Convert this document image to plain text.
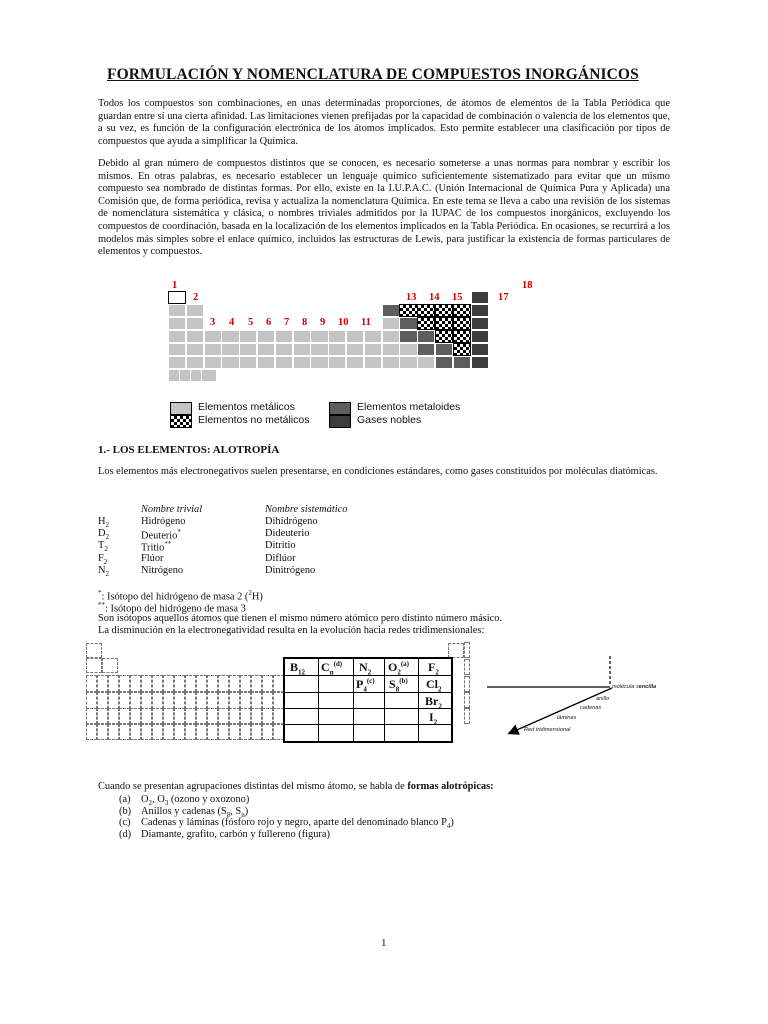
FORMULACIÓN Y NOMENCLATURA DE COMPUESTOS INORGÁNICOS
Todos los compuestos son combinaciones, en unas determinadas proporciones, de átomos de elementos de la Tabla Periódica que guardan entre sí una cierta afinidad. Las limitaciones vienen prefijadas por la capacidad de combinación o valencia de los elementos que, a su vez, es función de la configuración electrónica de los átomos implicados. Esto permite establecer una clasificación por tipos de compuestos que ayuda a simplificar la Química.
Debido al gran número de compuestos distintos que se conocen, es necesario someterse a unas normas para nombrar y escribir los mismos. En otras palabras, es necesario establecer un lenguaje químico suficientemente sistematizado para evitar que un mismo compuesto sea nombrado de distintas formas. Por ello, existe en la I.U.P.A.C. (Unión Internacional de Química Pura y Aplicada) una Comisión que, de forma periódica, revisa y actualiza la nomenclatura Química. En este tema se lleva a cabo una revisión de los sistemas de nomenclatura sistemática y clásica, o nombres triviales admitidos por la IUPAC de los compuestos inorgánicos, excluyendo los compuestos de coordinación, basada en la localización de los elementos implicados en la Tabla Periódica. En ocasiones, se recurrirá a los modelos más simples sobre el enlace químico, incluidos las estructuras de Lewis, para justificar la existencia de formas particulares de elementos y compuestos.
1
2
3 4 5 6 7 8 9 10 11
13 14 15	17
18
Elementos metálicos
Elementos no metálicos
Elementos metaloides
Gases nobles
1.- LOS ELEMENTOS: ALOTROPÍA
Los elementos más electronegativos suelen presentarse, en condiciones estándares, como gases constituidos por moléculas diatómicas.
Nombre trivial	Nombre sistemático
$H_2$	Hidrógeno	Dihidrógeno
$D_2$	Deuterio*	Dideuterio
$T_2$	Tritio**	Ditritio
$F_2$	Flúor	Diflúor
$N_2$	Nitrógeno	Dinitrógeno
*: Isótopo del hidrógeno de masa 2 ($^2$H)
**: Isótopo del hidrógeno de masa 3
Son isótopos aquellos átomos que tienen el mismo número atómico pero distinto número másico.
La disminución en la electronegatividad resulta en la evolución hacia redes tridimensionales:
$B_{12}$ $C_n^{(d)}$ $N_2$ $O_2^{(a)}$ $F_2$
$P_4^{(c)}$ $S_8^{(b)}$ $Cl_2$
$Br_2$
$I_2$
molécula sencilla
anillo
cadenas
láminas
Red tridimensional
Cuando se presentan agrupaciones distintas del mismo átomo, se habla de formas alotrópicas:
(a) $O_2$, $O_3$ (ozono y oxozono)
(b) Anillos y cadenas ($S_8$, $S_n$)
(c) Cadenas y láminas (fósforo rojo y negro, aparte del denominado blanco $P_4$)
(d) Diamante, grafito, carbón y fullereno (figura)
1
